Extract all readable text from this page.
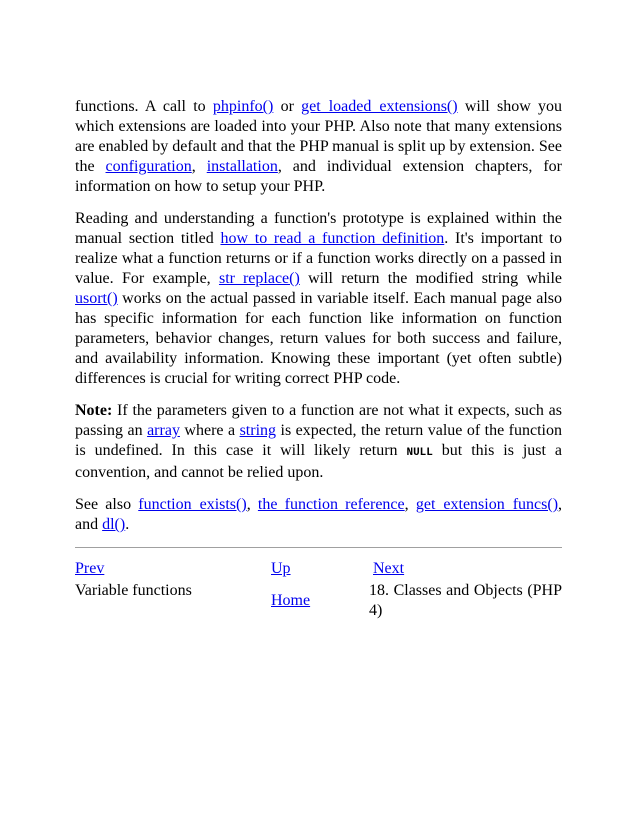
functions. A call to phpinfo() or get_loaded_extensions() will show you which extensions are loaded into your PHP. Also note that many extensions are enabled by default and that the PHP manual is split up by extension. See the configuration, installation, and individual extension chapters, for information on how to setup your PHP.

Reading and understanding a function's prototype is explained within the manual section titled how to read a function definition. It's important to realize what a function returns or if a function works directly on a passed in value. For example, str_replace() will return the modified string while usort() works on the actual passed in variable itself. Each manual page also has specific information for each function like information on function parameters, behavior changes, return values for both success and failure, and availability information. Knowing these important (yet often subtle) differences is crucial for writing correct PHP code.

Note: If the parameters given to a function are not what it expects, such as passing an array where a string is expected, the return value of the function is undefined. In this case it will likely return NULL but this is just a convention, and cannot be relied upon.

See also function_exists(), the function reference, get_extension_funcs(), and dl().

Prev	Up	Next
Variable functions
Home
18. Classes and Objects (PHP 4)
